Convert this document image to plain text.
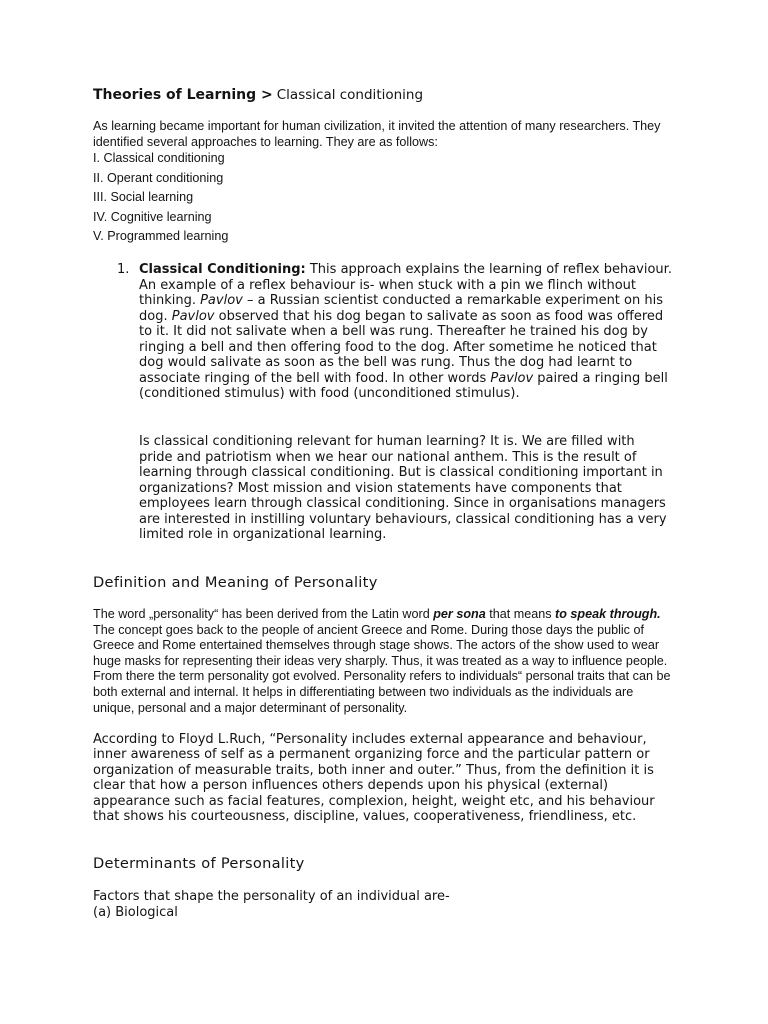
Theories of Learning > Classical conditioning

As learning became important for human civilization, it invited the attention of many researchers. They identified several approaches to learning. They are as follows:

I. Classical conditioning
II. Operant conditioning
III. Social learning
IV. Cognitive learning
V. Programmed learning
1. Classical Conditioning: This approach explains the learning of reflex behaviour. An example of a reflex behaviour is- when stuck with a pin we flinch without thinking. Pavlov – a Russian scientist conducted a remarkable experiment on his dog. Pavlov observed that his dog began to salivate as soon as food was offered to it. It did not salivate when a bell was rung. Thereafter he trained his dog by ringing a bell and then offering food to the dog. After sometime he noticed that dog would salivate as soon as the bell was rung. Thus the dog had learnt to associate ringing of the bell with food. In other words Pavlov paired a ringing bell (conditioned stimulus) with food (unconditioned stimulus).

Is classical conditioning relevant for human learning? It is. We are filled with pride and patriotism when we hear our national anthem. This is the result of learning through classical conditioning. But is classical conditioning important in organizations? Most mission and vision statements have components that employees learn through classical conditioning. Since in organisations managers are interested in instilling voluntary behaviours, classical conditioning has a very limited role in organizational learning.

Definition and Meaning of Personality

The word „personality“ has been derived from the Latin word per sona that means to speak through. The concept goes back to the people of ancient Greece and Rome. During those days the public of Greece and Rome entertained themselves through stage shows. The actors of the show used to wear huge masks for representing their ideas very sharply. Thus, it was treated as a way to influence people. From there the term personality got evolved. Personality refers to individuals“ personal traits that can be both external and internal. It helps in differentiating between two individuals as the individuals are unique, personal and a major determinant of personality.

According to Floyd L.Ruch, “Personality includes external appearance and behaviour, inner awareness of self as a permanent organizing force and the particular pattern or organization of measurable traits, both inner and outer.” Thus, from the definition it is clear that how a person influences others depends upon his physical (external) appearance such as facial features, complexion, height, weight etc, and his behaviour that shows his courteousness, discipline, values, cooperativeness, friendliness, etc.

Determinants of Personality
Factors that shape the personality of an individual are-
(a) Biological
